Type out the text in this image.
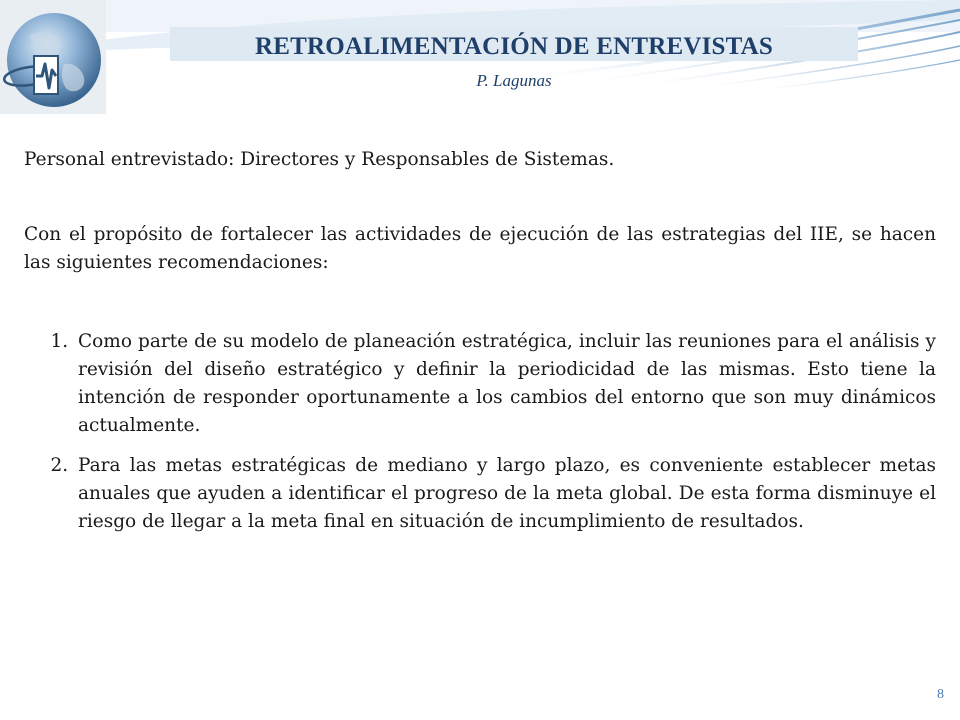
RETROALIMENTACIÓN DE ENTREVISTAS
P. Lagunas

Personal entrevistado: Directores y Responsables de Sistemas.

Con el propósito de fortalecer las actividades de ejecución de las estrategias del IIE, se hacen las siguientes recomendaciones:

1. Como parte de su modelo de planeación estratégica, incluir las reuniones para el análisis y revisión del diseño estratégico y definir la periodicidad de las mismas. Esto tiene la intención de responder oportunamente a los cambios del entorno que son muy dinámicos actualmente.
2. Para las metas estratégicas de mediano y largo plazo, es conveniente establecer metas anuales que ayuden a identificar el progreso de la meta global. De esta forma disminuye el riesgo de llegar a la meta final en situación de incumplimiento de resultados.
8
